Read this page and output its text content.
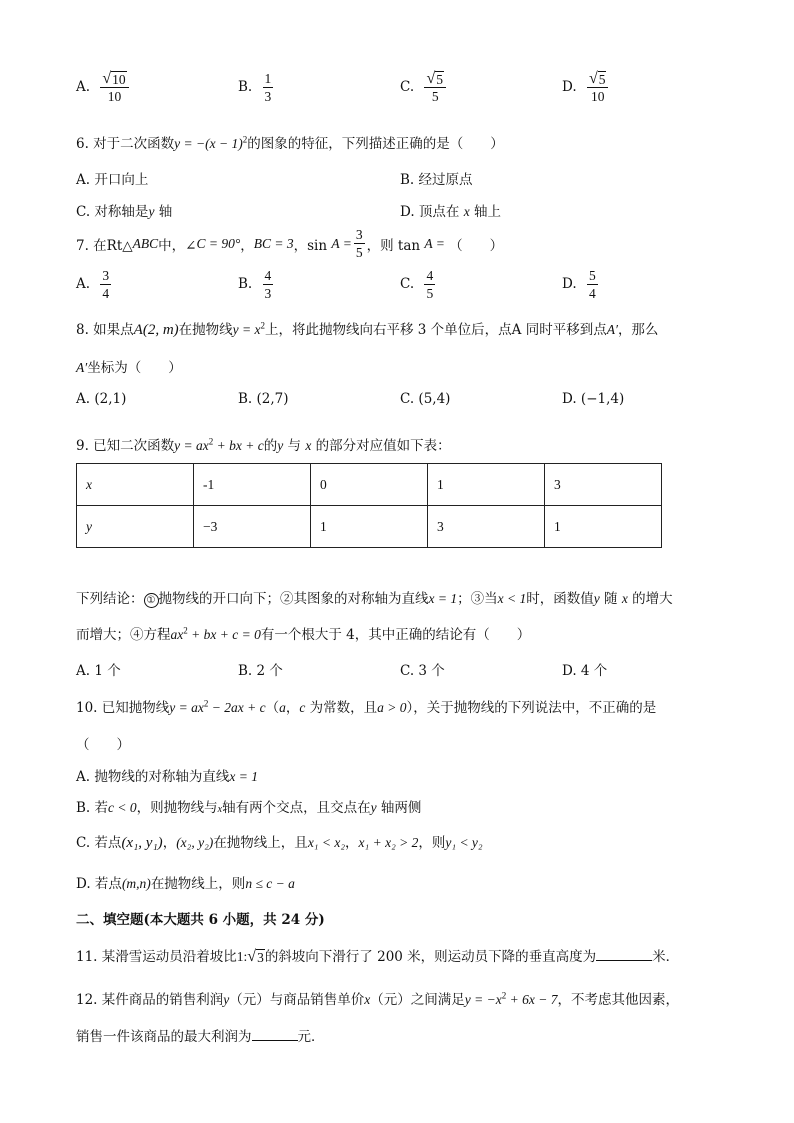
A. $\frac{√ 10}{10}$	B. $\frac{1}{3}$	C. $\frac{√ 5}{5}$	D. $\frac{√ 5}{10}$
6. 对于二次函数$y = -(x - 1)^2$的图象的特征，下列描述正确的是（　　）
A. 开口向上	B. 经过原点
C. 对称轴是y 轴	D. 顶点在 x 轴上
7. 在Rt△ ABC 中，∠ C = 90° ， BC = 3 ，sin
$A = \frac{3}{5}$ ，则 tan
A =
（　　）
A. $\frac{3}{4}$	B. $\frac{4}{3}$	C. $\frac{4}{5}$	D. $\frac{5}{4}$
8. 如果点A(2, m)在抛物线$y = x^2$上，将此抛物线向右平移 3 个单位后，点A 同时平移到点A′，那么
A′坐标为（　　）
A. (2,1)	B. (2,7)	C. (5,4)	D. (−1,4)
9. 已知二次函数$y = ax^2$ + bx + c的y 与 x 的部分对应值如下表：
x	-1	0	1	3
y	−3	1	3	1
下列结论： ① 抛物线的开口向下；②其图象的对称轴为直线x = 1；③当x < 1时，函数值y 随 x 的增大
而增大；④方程$ax^2$ + bx + c = 0有一个根大于 4，其中正确的结论有（　　）
A. 1 个	B. 2 个	C. 3 个	D. 4 个
10. 已知抛物线$y = ax^2 - 2ax + c(a$，c 为常数，且a > 0），关于抛物线的下列说法中，不正确的是
（　　）
A. 抛物线的对称轴为直线x = 1
B. 若c < 0，则抛物线与x轴有两个交点，且交点在y 轴两侧
C. 若点(x₁, y₁)，(x₂, y₂)在抛物线上，且x₁ < x₂，x₁ + x₂ > 2，则y₁ < y₂
D. 若点(m,n)在抛物线上，则n ≤ c − a
二、填空题(本大题共 6 小题，共 24 分)
11. 某滑雪运动员沿着坡比1: √ 3 的斜坡向下滑行了 200 米，则运动员下降的垂直高度为	米．
12. 某件商品的销售利润y（元）与商品销售单价x（元）之间满足$y = -x^2 + 6x - 7$，不考虑其他因素，
销售一件该商品的最大利润为	元．
